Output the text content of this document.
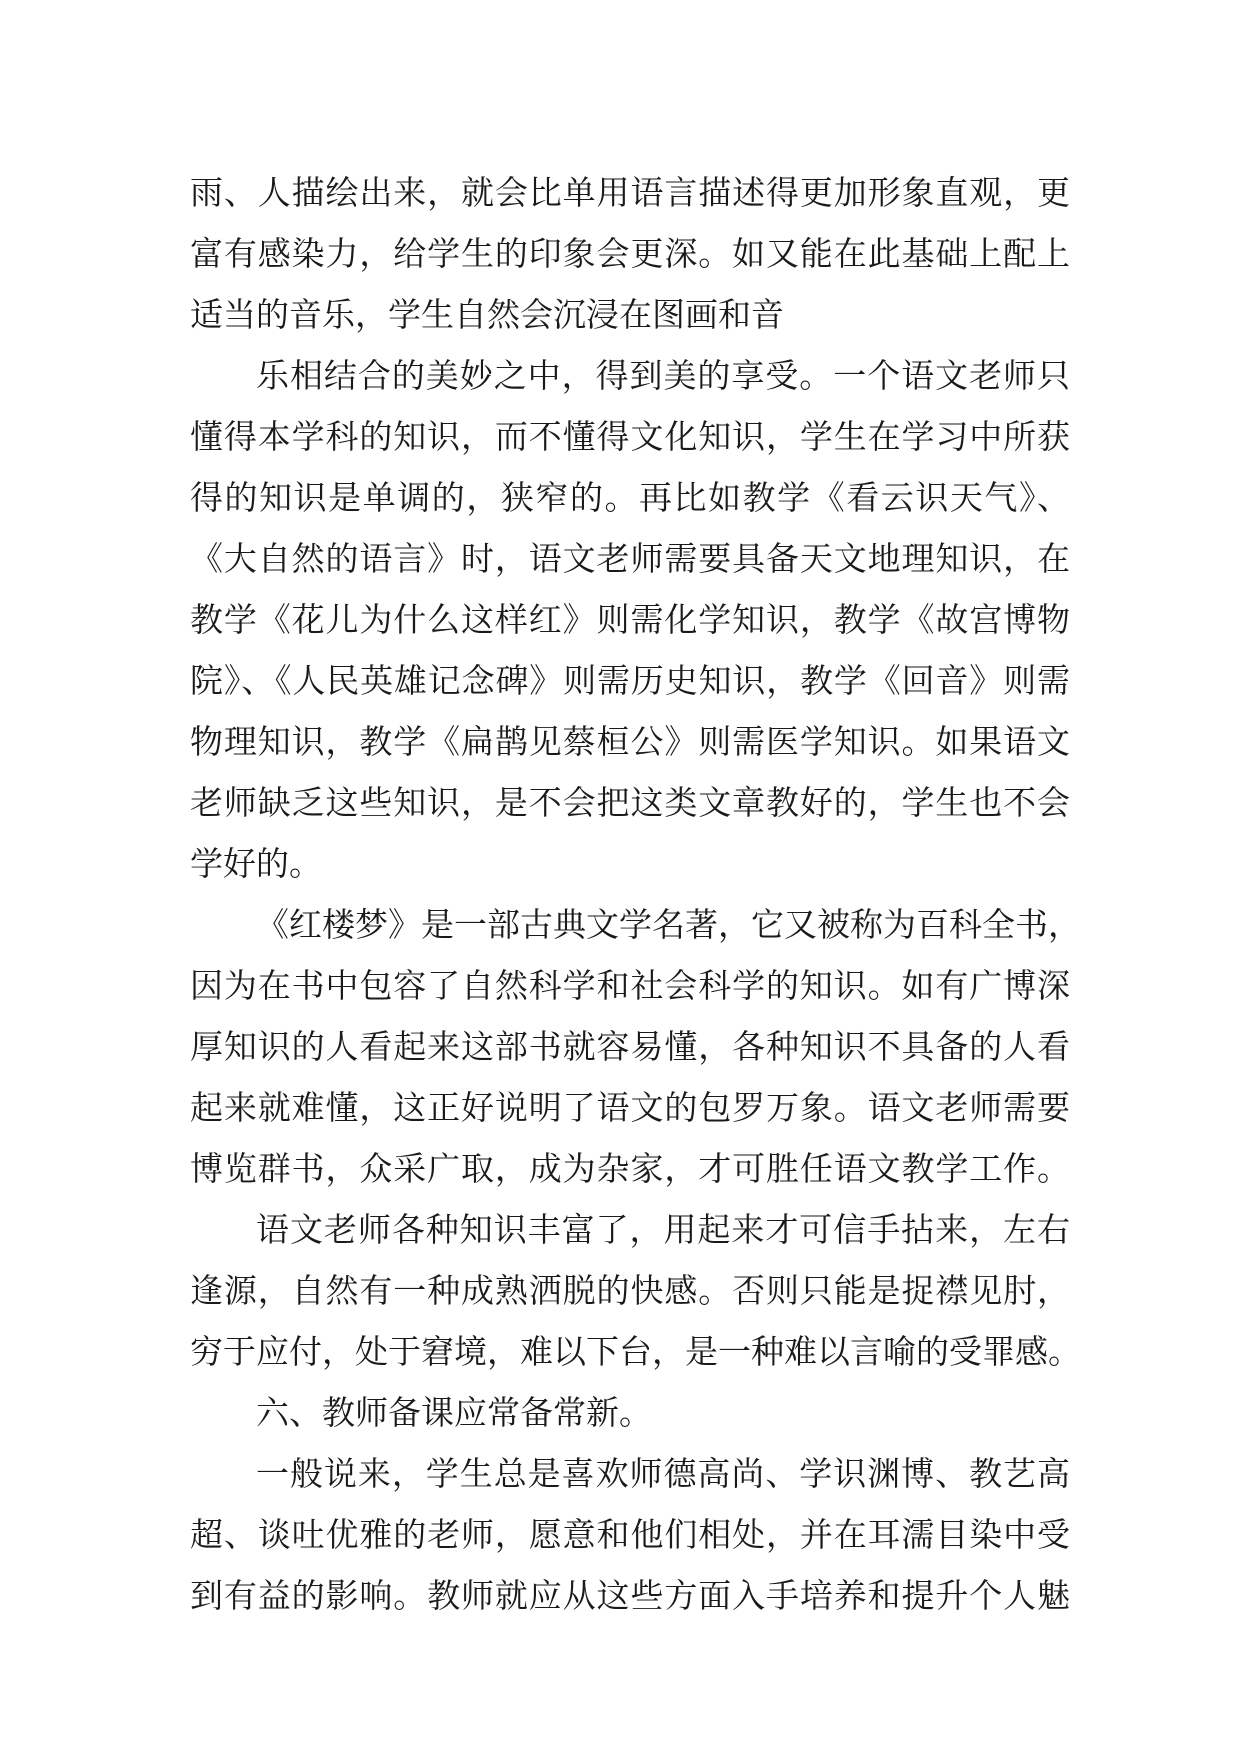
雨、人描绘出来，就会比单用语言描述得更加形象直观，更
富有感染力，给学生的印象会更深。如又能在此基础上配上
适当的音乐，学生自然会沉浸在图画和音
乐相结合的美妙之中，得到美的享受。一个语文老师只
懂得本学科的知识，而不懂得文化知识，学生在学习中所获
得的知识是单调的，狭窄的。再比如教学《看云识天气》、
《大自然的语言》时，语文老师需要具备天文地理知识，在
教学《花儿为什么这样红》则需化学知识，教学《故宫博物
院》、《人民英雄记念碑》则需历史知识，教学《回音》则需
物理知识，教学《扁鹊见蔡桓公》则需医学知识。如果语文
老师缺乏这些知识，是不会把这类文章教好的，学生也不会
学好的。
《红楼梦》是一部古典文学名著，它又被称为百科全书，
因为在书中包容了自然科学和社会科学的知识。如有广博深
厚知识的人看起来这部书就容易懂，各种知识不具备的人看
起来就难懂，这正好说明了语文的包罗万象。语文老师需要
博览群书，众采广取，成为杂家，才可胜任语文教学工作。
语文老师各种知识丰富了，用起来才可信手拈来，左右
逢源，自然有一种成熟洒脱的快感。否则只能是捉襟见肘，
穷于应付，处于窘境，难以下台，是一种难以言喻的受罪感。
六、教师备课应常备常新。
一般说来，学生总是喜欢师德高尚、学识渊博、教艺高
超、谈吐优雅的老师，愿意和他们相处，并在耳濡目染中受
到有益的影响。教师就应从这些方面入手培养和提升个人魅
